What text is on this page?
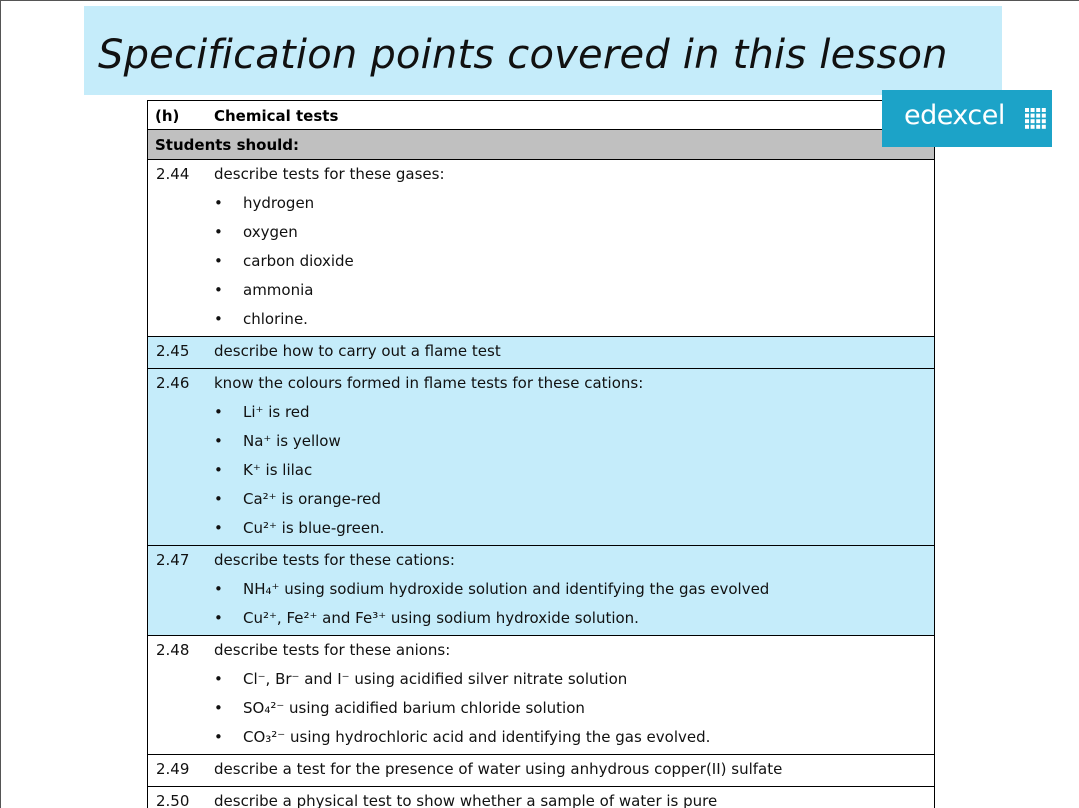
Specification points covered in this lesson
(h) Chemical tests
Students should:
2.44 describe tests for these gases:
• hydrogen
• oxygen
• carbon dioxide
• ammonia
• chlorine.
2.45 describe how to carry out a flame test
2.46 know the colours formed in flame tests for these cations:
• Li⁺ is red
• Na⁺ is yellow
• K⁺ is lilac
• Ca²⁺ is orange-red
• Cu²⁺ is blue-green.
2.47 describe tests for these cations:
• NH₄⁺ using sodium hydroxide solution and identifying the gas evolved
• Cu²⁺, Fe²⁺ and Fe³⁺ using sodium hydroxide solution.
2.48 describe tests for these anions:
• Cl⁻, Br⁻ and I⁻ using acidified silver nitrate solution
• SO₄²⁻ using acidified barium chloride solution
• CO₃²⁻ using hydrochloric acid and identifying the gas evolved.
2.49 describe a test for the presence of water using anhydrous copper(II) sulfate
2.50 describe a physical test to show whether a sample of water is pure
edexcel
